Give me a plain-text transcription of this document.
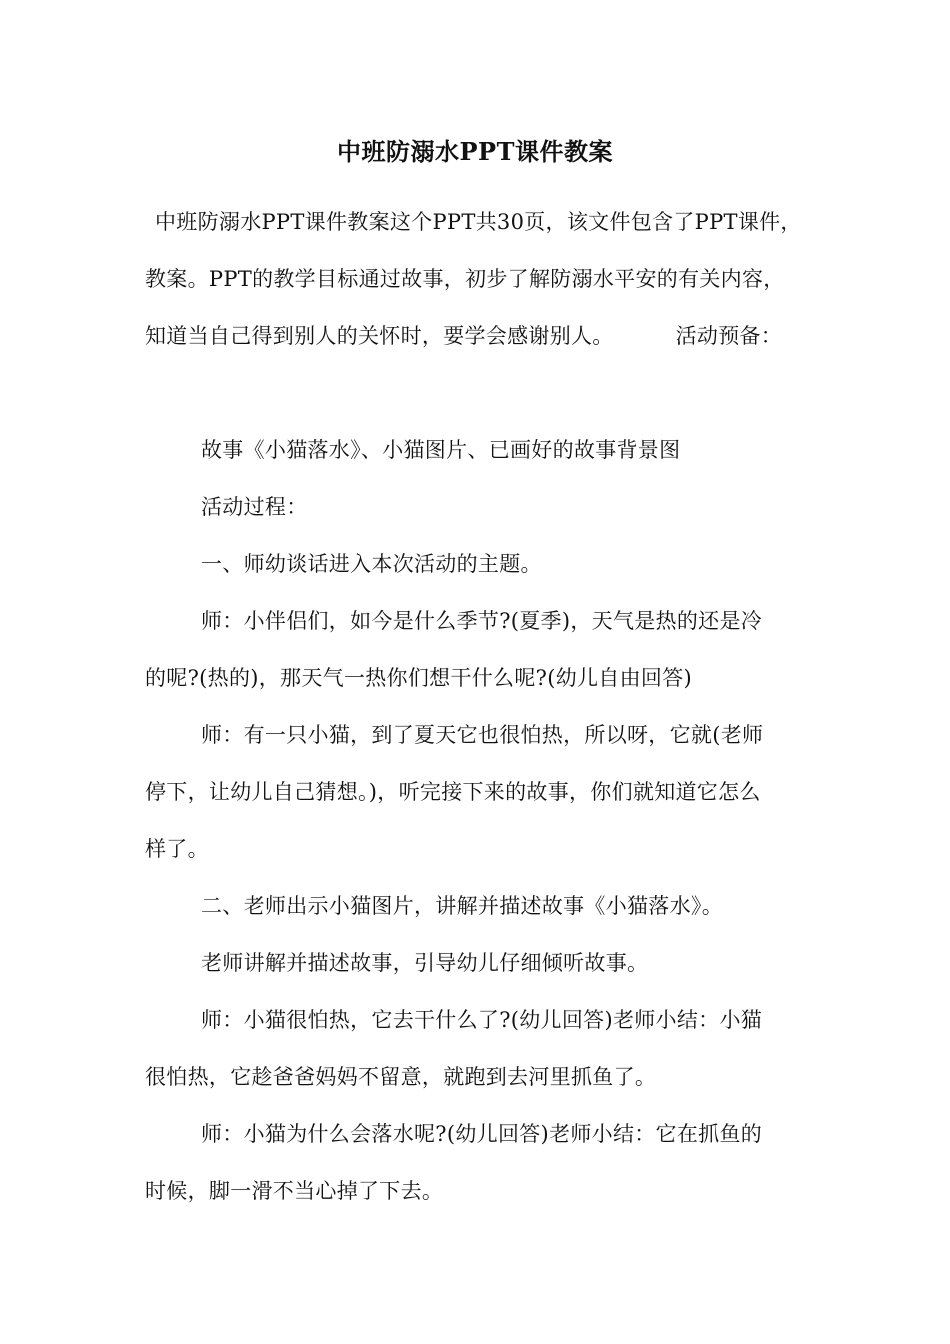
中班防溺水PPT课件教案
中班防溺水PPT课件教案这个PPT共30页，该文件包含了PPT课件，
教案。PPT的教学目标通过故事，初步了解防溺水平安的有关内容，
知道当自己得到别人的关怀时，要学会感谢别人。	活动预备：
故事《小猫落水》、小猫图片、已画好的故事背景图
活动过程：
一、师幼谈话进入本次活动的主题。
师：小伴侣们，如今是什么季节?(夏季)，天气是热的还是冷
的呢?(热的)，那天气一热你们想干什么呢?(幼儿自由回答)
师：有一只小猫，到了夏天它也很怕热，所以呀，它就(老师
停下，让幼儿自己猜想。)，听完接下来的故事，你们就知道它怎么
样了。
二、老师出示小猫图片，讲解并描述故事《小猫落水》。
老师讲解并描述故事，引导幼儿仔细倾听故事。
师：小猫很怕热，它去干什么了?(幼儿回答)老师小结：小猫
很怕热，它趁爸爸妈妈不留意，就跑到去河里抓鱼了。
师：小猫为什么会落水呢?(幼儿回答)老师小结：它在抓鱼的
时候，脚一滑不当心掉了下去。
